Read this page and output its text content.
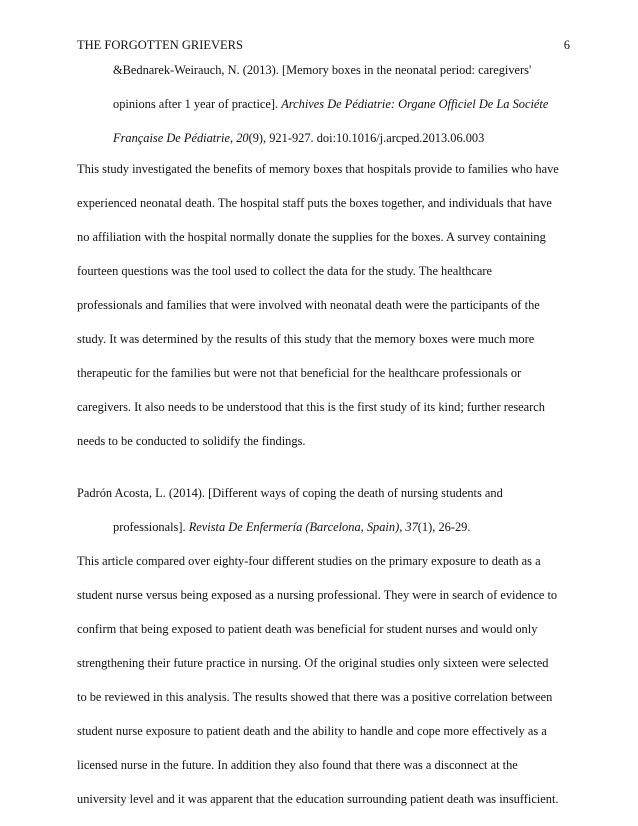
THE FORGOTTEN GRIEVERS	6
&Bednarek-Weirauch, N. (2013). [Memory boxes in the neonatal period: caregivers'
opinions after 1 year of practice]. Archives De Pédiatrie: Organe Officiel De La Sociéte
Française De Pédiatrie, 20(9), 921-927. doi:10.1016/j.arcped.2013.06.003
This study investigated the benefits of memory boxes that hospitals provide to families who have
experienced neonatal death. The hospital staff puts the boxes together, and individuals that have
no affiliation with the hospital normally donate the supplies for the boxes. A survey containing
fourteen questions was the tool used to collect the data for the study. The healthcare
professionals and families that were involved with neonatal death were the participants of the
study. It was determined by the results of this study that the memory boxes were much more
therapeutic for the families but were not that beneficial for the healthcare professionals or
caregivers. It also needs to be understood that this is the first study of its kind; further research
needs to be conducted to solidify the findings.
Padrón Acosta, L. (2014). [Different ways of coping the death of nursing students and
professionals]. Revista De Enfermería (Barcelona, Spain), 37(1), 26-29.
This article compared over eighty-four different studies on the primary exposure to death as a
student nurse versus being exposed as a nursing professional. They were in search of evidence to
confirm that being exposed to patient death was beneficial for student nurses and would only
strengthening their future practice in nursing. Of the original studies only sixteen were selected
to be reviewed in this analysis. The results showed that there was a positive correlation between
student nurse exposure to patient death and the ability to handle and cope more effectively as a
licensed nurse in the future. In addition they also found that there was a disconnect at the
university level and it was apparent that the education surrounding patient death was insufficient.
